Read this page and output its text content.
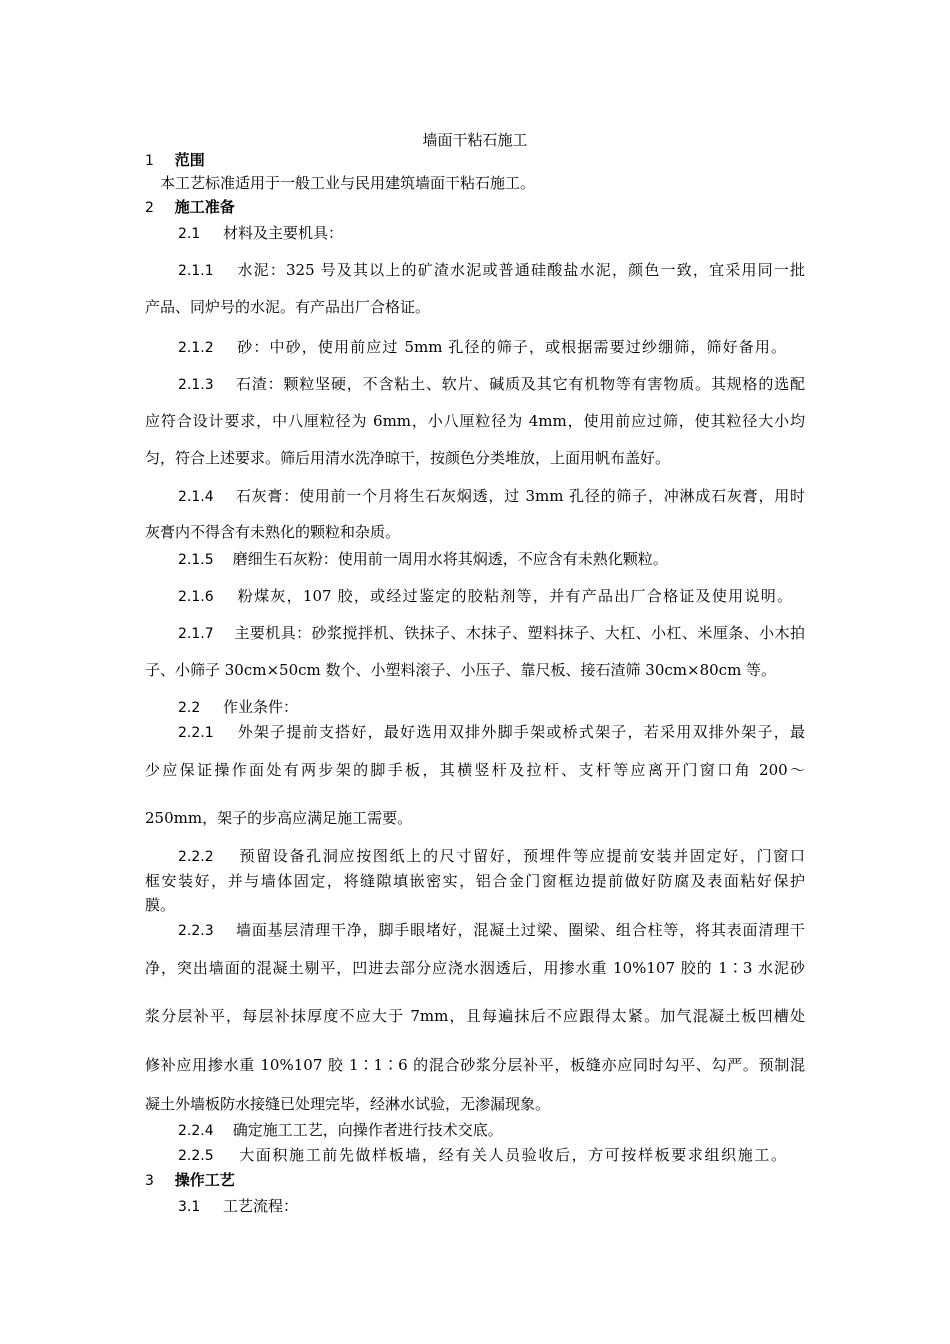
墙面干粘石施工
1 范围
本工艺标准适用于一般工业与民用建筑墙面干粘石施工。
2 施工准备
2.1 材料及主要机具：
2.1.1 水泥：325 号及其以上的矿渣水泥或普通硅酸盐水泥，颜色一致，宜采用同一批
产品、同炉号的水泥。有产品出厂合格证。
2.1.2 砂：中砂，使用前应过 5mm 孔径的筛子，或根据需要过纱绷筛，筛好备用。
2.1.3 石渣：颗粒坚硬，不含粘土、软片、碱质及其它有机物等有害物质。其规格的选配
应符合设计要求，中八厘粒径为 6mm，小八厘粒径为 4mm，使用前应过筛，使其粒径大小均
匀，符合上述要求。筛后用清水洗净晾干，按颜色分类堆放，上面用帆布盖好。
2.1.4 石灰膏：使用前一个月将生石灰焖透，过 3mm 孔径的筛子，冲淋成石灰膏，用时
灰膏内不得含有未熟化的颗粒和杂质。
2.1.5 磨细生石灰粉：使用前一周用水将其焖透，不应含有未熟化颗粒。
2.1.6 粉煤灰，107 胶，或经过鉴定的胶粘剂等，并有产品出厂合格证及使用说明。
2.1.7 主要机具：砂浆搅拌机、铁抹子、木抹子、塑料抹子、大杠、小杠、米厘条、小木拍
子、小筛子 30cm×50cm 数个、小塑料滚子、小压子、靠尺板、接石渣筛 30cm×80cm 等。
2.2 作业条件：
2.2.1 外架子提前支搭好，最好选用双排外脚手架或桥式架子，若采用双排外架子，最
少应保证操作面处有两步架的脚手板，其横竖杆及拉杆、支杆等应离开门窗口角 200～
250mm，架子的步高应满足施工需要。
2.2.2 预留设备孔洞应按图纸上的尺寸留好，预埋件等应提前安装并固定好，门窗口
框安装好，并与墙体固定，将缝隙填嵌密实，铝合金门窗框边提前做好防腐及表面粘好保护
膜。
2.2.3 墙面基层清理干净，脚手眼堵好，混凝土过梁、圈梁、组合柱等，将其表面清理干
净，突出墙面的混凝土剔平，凹进去部分应浇水洇透后，用掺水重 10%107 胶的 1∶3 水泥砂
浆分层补平，每层补抹厚度不应大于 7mm，且每遍抹后不应跟得太紧。加气混凝土板凹槽处
修补应用掺水重 10%107 胶 1∶1∶6 的混合砂浆分层补平，板缝亦应同时勾平、勾严。预制混
凝土外墙板防水接缝已处理完毕，经淋水试验，无渗漏现象。
2.2.4 确定施工工艺，向操作者进行技术交底。
2.2.5 大面积施工前先做样板墙，经有关人员验收后，方可按样板要求组织施工。
3 操作工艺
3.1 工艺流程：
